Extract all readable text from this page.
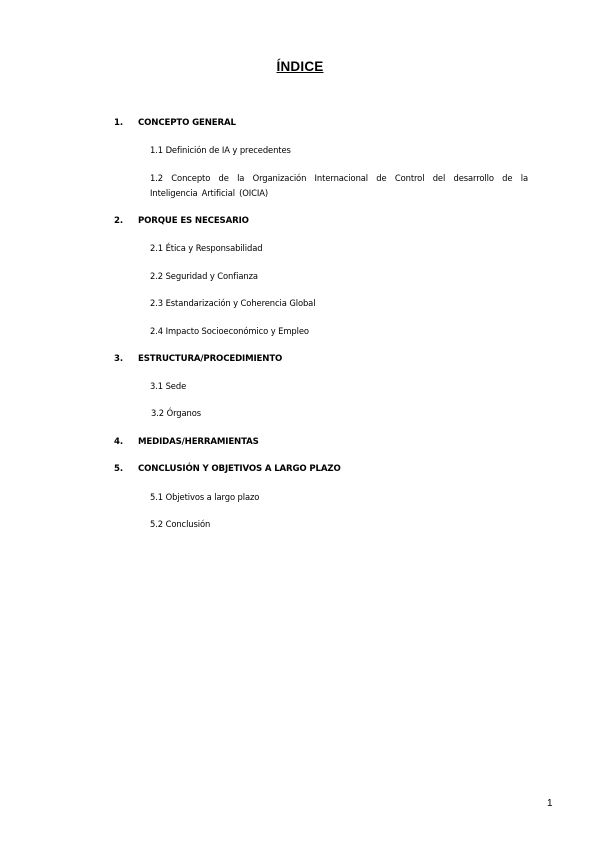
ÍNDICE
1. CONCEPTO GENERAL
1.1 Definición de IA y precedentes
1.2 Concepto de la Organización Internacional de Control del desarrollo de la Inteligencia Artificial (OICIA)
2. PORQUE ES NECESARIO
2.1 Ética y Responsabilidad
2.2 Seguridad y Confianza
2.3 Estandarización y Coherencia Global
2.4 Impacto Socioeconómico y Empleo
3. ESTRUCTURA/PROCEDIMIENTO
3.1 Sede
3.2 Órganos
4. MEDIDAS/HERRAMIENTAS
5. CONCLUSIÓN Y OBJETIVOS A LARGO PLAZO
5.1 Objetivos a largo plazo
5.2 Conclusión
1
